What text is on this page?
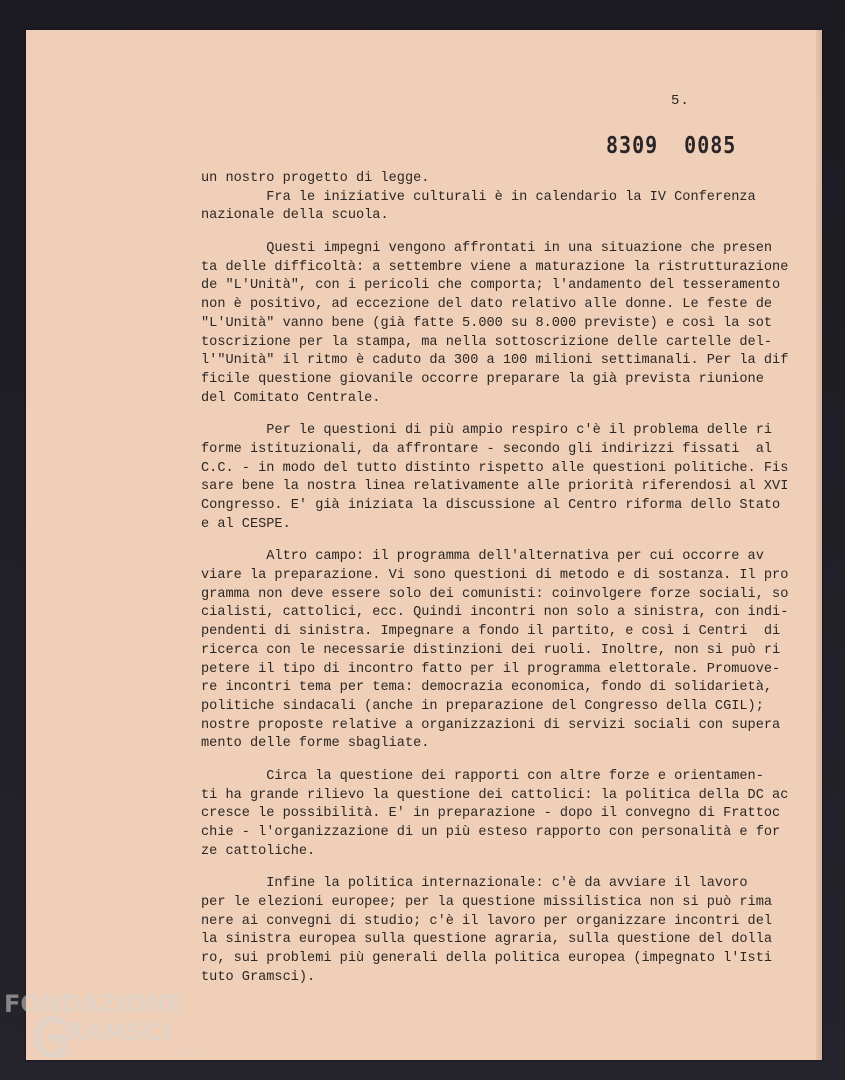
5.
8309 0085
un nostro progetto di legge.
Fra le iniziative culturali è in calendario la IV Conferenza
nazionale della scuola.
Questi impegni vengono affrontati in una situazione che presen
ta delle difficoltà: a settembre viene a maturazione la ristrutturazione
de "L'Unità", con i pericoli che comporta; l'andamento del tesseramento
non è positivo, ad eccezione del dato relativo alle donne. Le feste de
"L'Unità" vanno bene (già fatte 5.000 su 8.000 previste) e così la sot
toscrizione per la stampa, ma nella sottoscrizione delle cartelle del-
l'"Unità" il ritmo è caduto da 300 a 100 milioni settimanali. Per la dif
ficile questione giovanile occorre preparare la già prevista riunione
del Comitato Centrale.
Per le questioni di più ampio respiro c'è il problema delle ri
forme istituzionali, da affrontare - secondo gli indirizzi fissati  al
C.C. - in modo del tutto distinto rispetto alle questioni politiche. Fis
sare bene la nostra linea relativamente alle priorità riferendosi al XVI
Congresso. E' già iniziata la discussione al Centro riforma dello Stato
e al CESPE.
Altro campo: il programma dell'alternativa per cui occorre av
viare la preparazione. Vi sono questioni di metodo e di sostanza. Il pro
gramma non deve essere solo dei comunisti: coinvolgere forze sociali, so
cialisti, cattolici, ecc. Quindi incontri non solo a sinistra, con indi-
pendenti di sinistra. Impegnare a fondo il partito, e così i Centri  di
ricerca con le necessarie distinzioni dei ruoli. Inoltre, non si può ri
petere il tipo di incontro fatto per il programma elettorale. Promuove-
re incontri tema per tema: democrazia economica, fondo di solidarietà,
politiche sindacali (anche in preparazione del Congresso della CGIL);
nostre proposte relative a organizzazioni di servizi sociali con supera
mento delle forme sbagliate.
Circa la questione dei rapporti con altre forze e orientamen-
ti ha grande rilievo la questione dei cattolici: la politica della DC ac
cresce le possibilità. E' in preparazione - dopo il convegno di Frattoc
chie - l'organizzazione di un più esteso rapporto con personalità e for
ze cattoliche.
Infine la politica internazionale: c'è da avviare il lavoro
per le elezioni europee; per la questione missilistica non si può rima
nere ai convegni di studio; c'è il lavoro per organizzare incontri del
la sinistra europea sulla questione agraria, sulla questione del dolla
ro, sui problemi più generali della politica europea (impegnato l'Isti
tuto Gramsci).
FONDAZIONE
RAMSCI
onlus
